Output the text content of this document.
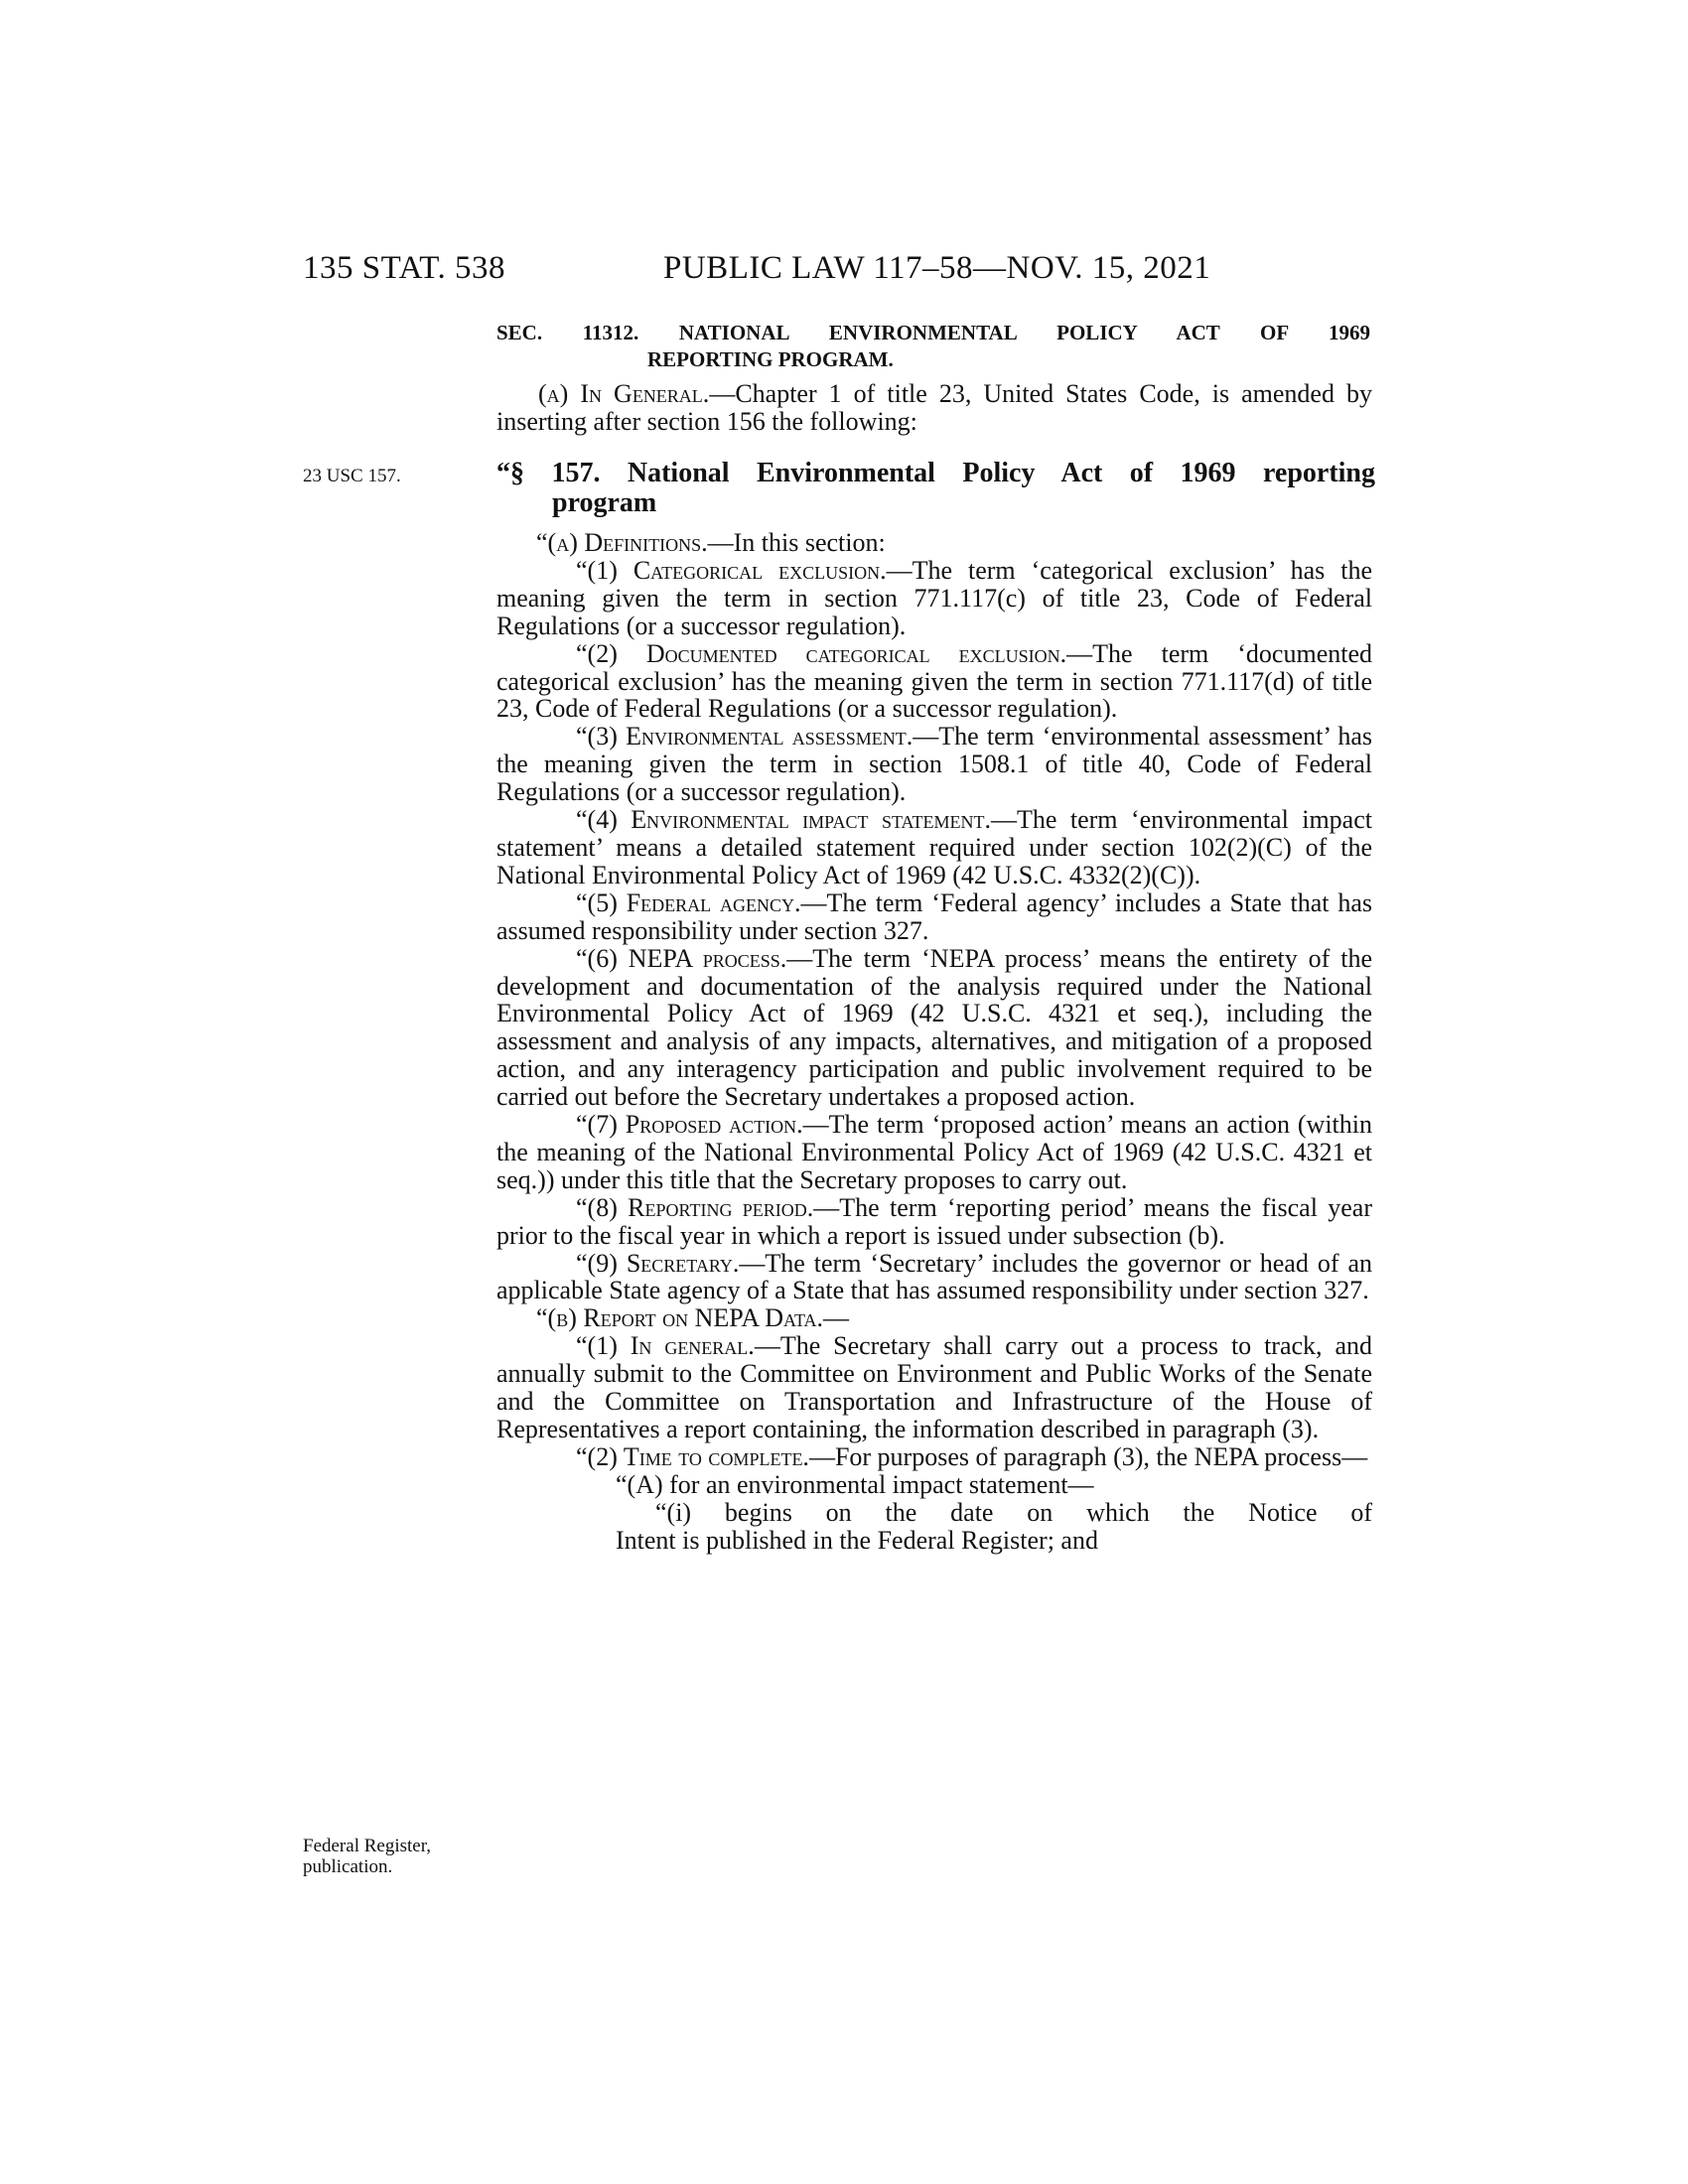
135 STAT. 538	PUBLIC LAW 117–58—NOV. 15, 2021
SEC. 11312. NATIONAL ENVIRONMENTAL POLICY ACT OF 1969
REPORTING PROGRAM.
(a) In General.—Chapter 1 of title 23, United States Code, is amended by inserting after section 156 the following:
23 USC 157.
Federal Register, publication.
“§ 157. National Environmental Policy Act of 1969 reporting
program

“(a) Definitions.—In this section:

“(1) Categorical exclusion.—The term ‘categorical exclusion’ has the meaning given the term in section 771.117(c) of title 23, Code of Federal Regulations (or a successor regulation).

“(2) Documented categorical exclusion.—The term ‘documented categorical exclusion’ has the meaning given the term in section 771.117(d) of title 23, Code of Federal Regulations (or a successor regulation).

“(3) Environmental assessment.—The term ‘environmental assessment’ has the meaning given the term in section 1508.1 of title 40, Code of Federal Regulations (or a successor regulation).

“(4) Environmental impact statement.—The term ‘environmental impact statement’ means a detailed statement required under section 102(2)(C) of the National Environmental Policy Act of 1969 (42 U.S.C. 4332(2)(C)).

“(5) Federal agency.—The term ‘Federal agency’ includes a State that has assumed responsibility under section 327.

“(6) NEPA process.—The term ‘NEPA process’ means the entirety of the development and documentation of the analysis required under the National Environmental Policy Act of 1969 (42 U.S.C. 4321 et seq.), including the assessment and analysis of any impacts, alternatives, and mitigation of a proposed action, and any interagency participation and public involvement required to be carried out before the Secretary undertakes a proposed action.

“(7) Proposed action.—The term ‘proposed action’ means an action (within the meaning of the National Environmental Policy Act of 1969 (42 U.S.C. 4321 et seq.)) under this title that the Secretary proposes to carry out.

“(8) Reporting period.—The term ‘reporting period’ means the fiscal year prior to the fiscal year in which a report is issued under subsection (b).

“(9) Secretary.—The term ‘Secretary’ includes the governor or head of an applicable State agency of a State that has assumed responsibility under section 327.

“(b) Report on NEPA Data.—

“(1) In general.—The Secretary shall carry out a process to track, and annually submit to the Committee on Environment and Public Works of the Senate and the Committee on Transportation and Infrastructure of the House of Representatives a report containing, the information described in paragraph (3).

“(2) Time to complete.—For purposes of paragraph (3), the NEPA process—

“(A) for an environmental impact statement—

“(i) begins on the date on which the Notice of

Intent is published in the Federal Register; and
